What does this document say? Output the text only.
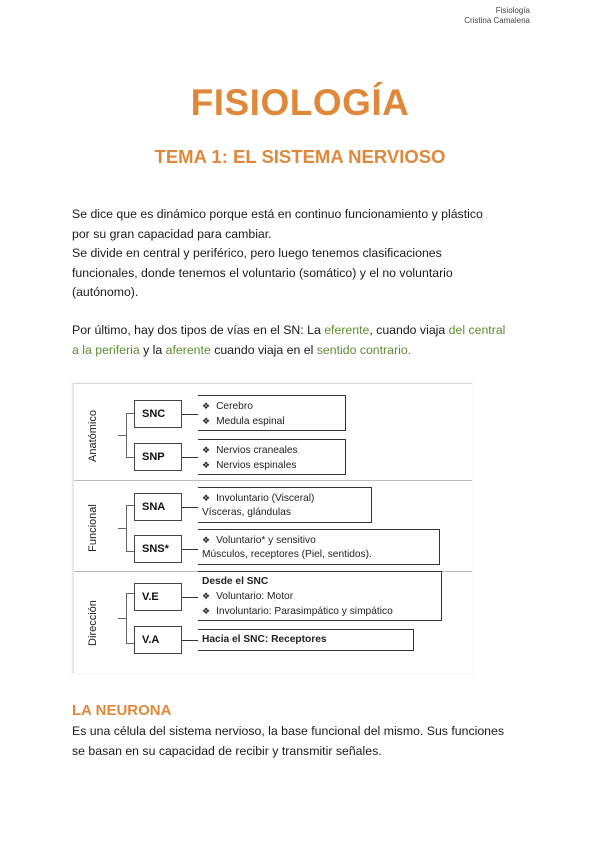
Fisiología
Cristina Camalena
FISIOLOGÍA
TEMA 1: EL SISTEMA NERVIOSO
Se dice que es dinámico porque está en continuo funcionamiento y plástico
por su gran capacidad para cambiar.
Se divide en central y periférico, pero luego tenemos clasificaciones
funcionales, donde tenemos el voluntario (somático) y el no voluntario
(autónomo).
Por último, hay dos tipos de vías en el SN: La eferente, cuando viaja del central
a la periferia y la aferente cuando viaja en el sentido contrario.
Anatómico
Funcional
Dirección
SNC
❖ Cerebro
❖ Medula espinal
SNP
❖ Nervios craneales
❖ Nervios espinales
SNA
❖ Involuntario (Visceral)
Vísceras, glándulas
SNS*
❖ Voluntario* y sensitivo
Músculos, receptores (Piel, sentidos).
V.E
Desde el SNC
❖ Voluntario: Motor
❖ Involuntario: Parasimpático y simpático
V.A	Hacia el SNC: Receptores
LA NEURONA
Es una célula del sistema nervioso, la base funcional del mismo. Sus funciones
se basan en su capacidad de recibir y transmitir señales.
